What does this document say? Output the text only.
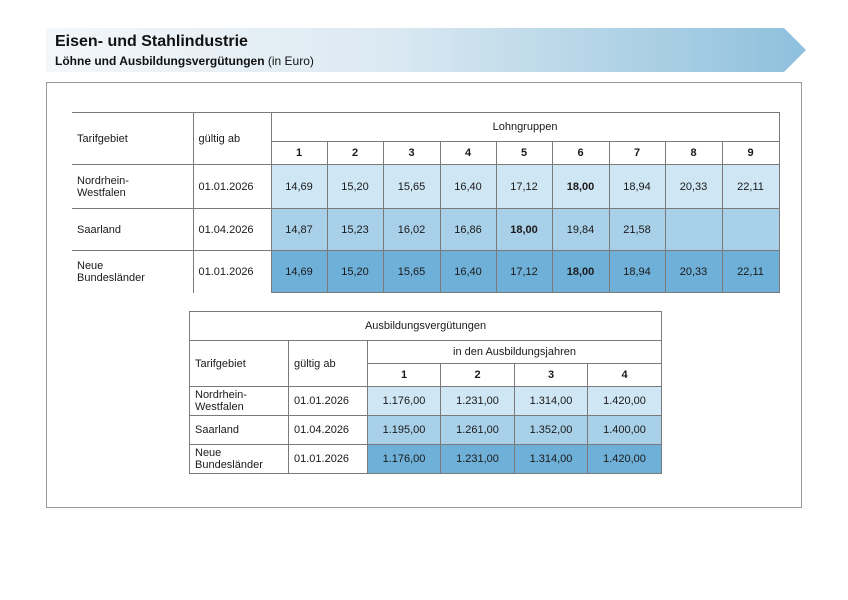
Eisen- und Stahlindustrie
Löhne und Ausbildungsvergütungen (in Euro)
Tarifgebiet	gültig ab	Lohngruppen								
		1	2	3	4	5	6	7	8	9
Nordrhein-
Westfalen	01.01.2026	14,69	15,20	15,65	16,40	17,12	18,00	18,94	20,33	22,11
Saarland	01.04.2026	14,87	15,23	16,02	16,86	18,00	19,84	21,58		
Neue
Bundesländer	01.01.2026	14,69	15,20	15,65	16,40	17,12	18,00	18,94	20,33	22,11
Ausbildungsvergütungen					
Tarifgebiet	gültig ab	in den Ausbildungsjahren			
		1	2	3	4
Nordrhein-
Westfalen	01.01.2026	1.176,00	1.231,00	1.314,00	1.420,00
Saarland	01.04.2026	1.195,00	1.261,00	1.352,00	1.400,00
Neue
Bundesländer	01.01.2026	1.176,00	1.231,00	1.314,00	1.420,00
